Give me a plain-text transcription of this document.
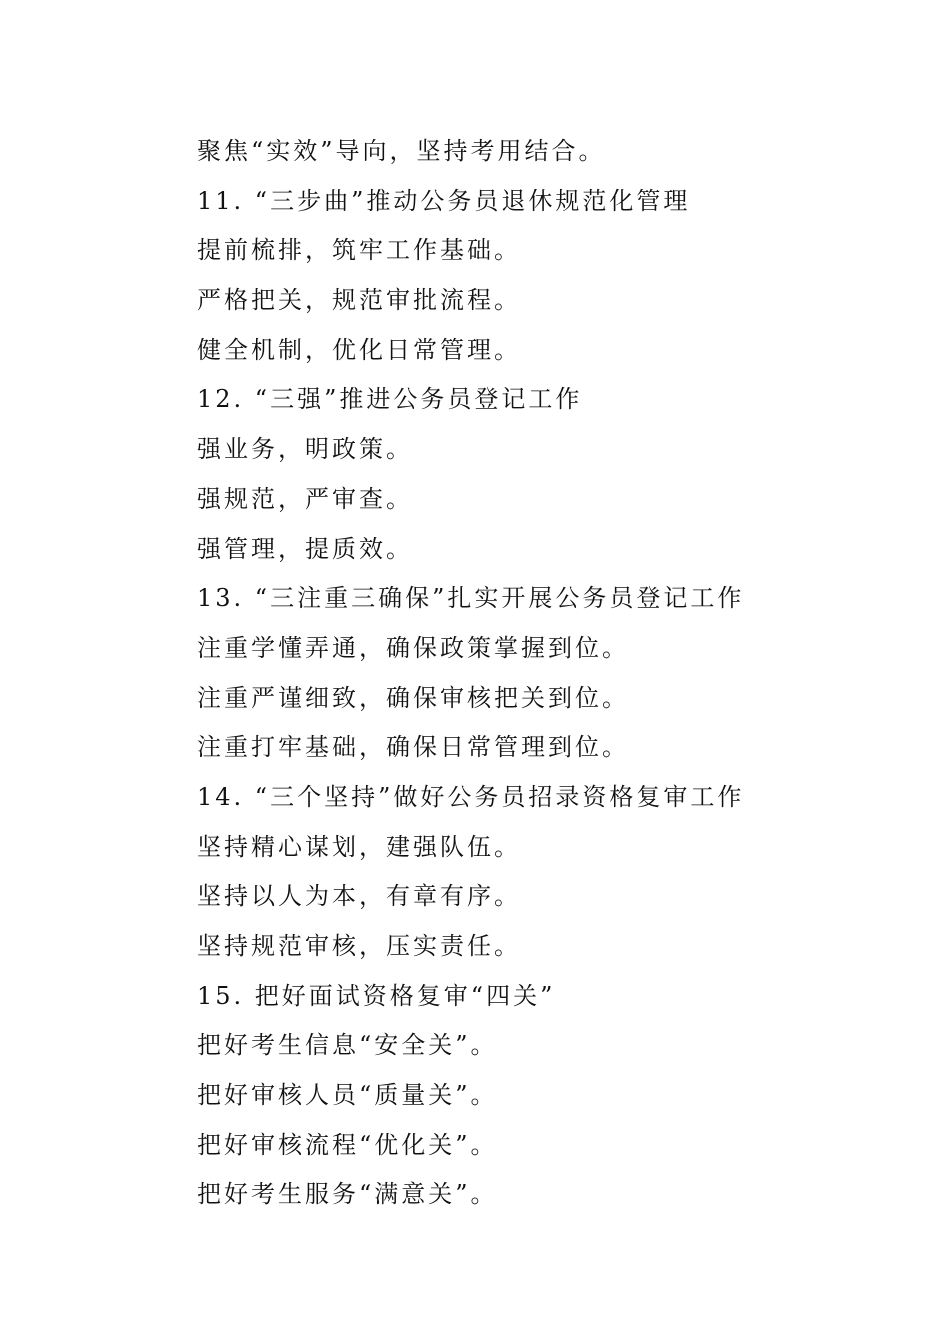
聚焦“实效”导向，坚持考用结合。
11. “三步曲”推动公务员退休规范化管理
提前梳排，筑牢工作基础。
严格把关，规范审批流程。
健全机制，优化日常管理。
12. “三强”推进公务员登记工作
强业务，明政策。
强规范，严审查。
强管理，提质效。
13. “三注重三确保”扎实开展公务员登记工作
注重学懂弄通，确保政策掌握到位。
注重严谨细致，确保审核把关到位。
注重打牢基础，确保日常管理到位。
14. “三个坚持”做好公务员招录资格复审工作
坚持精心谋划，建强队伍。
坚持以人为本，有章有序。
坚持规范审核，压实责任。
15. 把好面试资格复审“四关”
把好考生信息“安全关”。
把好审核人员“质量关”。
把好审核流程“优化关”。
把好考生服务“满意关”。
